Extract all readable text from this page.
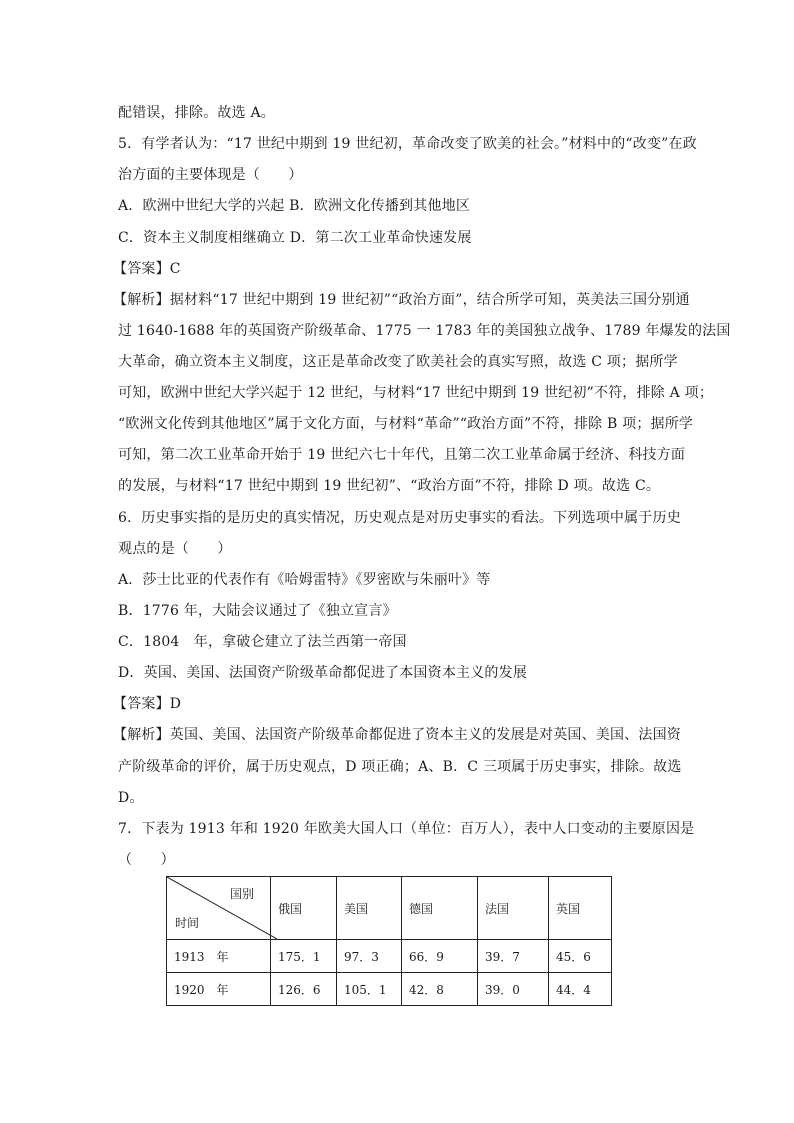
配错误，排除。故选 A。
5．有学者认为：“17 世纪中期到 19 世纪初，革命改变了欧美的社会。”材料中的“改变”在政
治方面的主要体现是（　　）
A．欧洲中世纪大学的兴起 B．欧洲文化传播到其他地区
C．资本主义制度相继确立 D．第二次工业革命快速发展
【答案】C
【解析】据材料“17 世纪中期到 19 世纪初”“政治方面”，结合所学可知，英美法三国分别通
过 1640-1688 年的英国资产阶级革命、1775 一 1783 年的美国独立战争、1789 年爆发的法国
大革命，确立资本主义制度，这正是革命改变了欧美社会的真实写照，故选 C 项；据所学
可知，欧洲中世纪大学兴起于 12 世纪，与材料“17 世纪中期到 19 世纪初”不符，排除 A 项；
“欧洲文化传到其他地区”属于文化方面，与材料“革命”“政治方面”不符，排除 B 项；据所学
可知，第二次工业革命开始于 19 世纪六七十年代，且第二次工业革命属于经济、科技方面
的发展，与材料“17 世纪中期到 19 世纪初”、“政治方面”不符，排除 D 项。故选 C。
6．历史事实指的是历史的真实情况，历史观点是对历史事实的看法。下列选项中属于历史
观点的是（　　）
A．莎士比亚的代表作有《哈姆雷特》《罗密欧与朱丽叶》等
B．1776 年，大陆会议通过了《独立宣言》
C．1804　年，拿破仑建立了法兰西第一帝国
D．英国、美国、法国资产阶级革命都促进了本国资本主义的发展
【答案】D
【解析】英国、美国、法国资产阶级革命都促进了资本主义的发展是对英国、美国、法国资
产阶级革命的评价，属于历史观点，D 项正确；A、B．C 三项属于历史事实，排除。故选
D。
7．下表为 1913 年和 1920 年欧美大国人口（单位：百万人），表中人口变动的主要原因是
（　　）
国别
时间	俄国	美国	德国	法国	英国
1913　年	175．1	97．3	66．9	39．7	45．6
1920　年	126．6	105．1	42．8	39．0	44．4
